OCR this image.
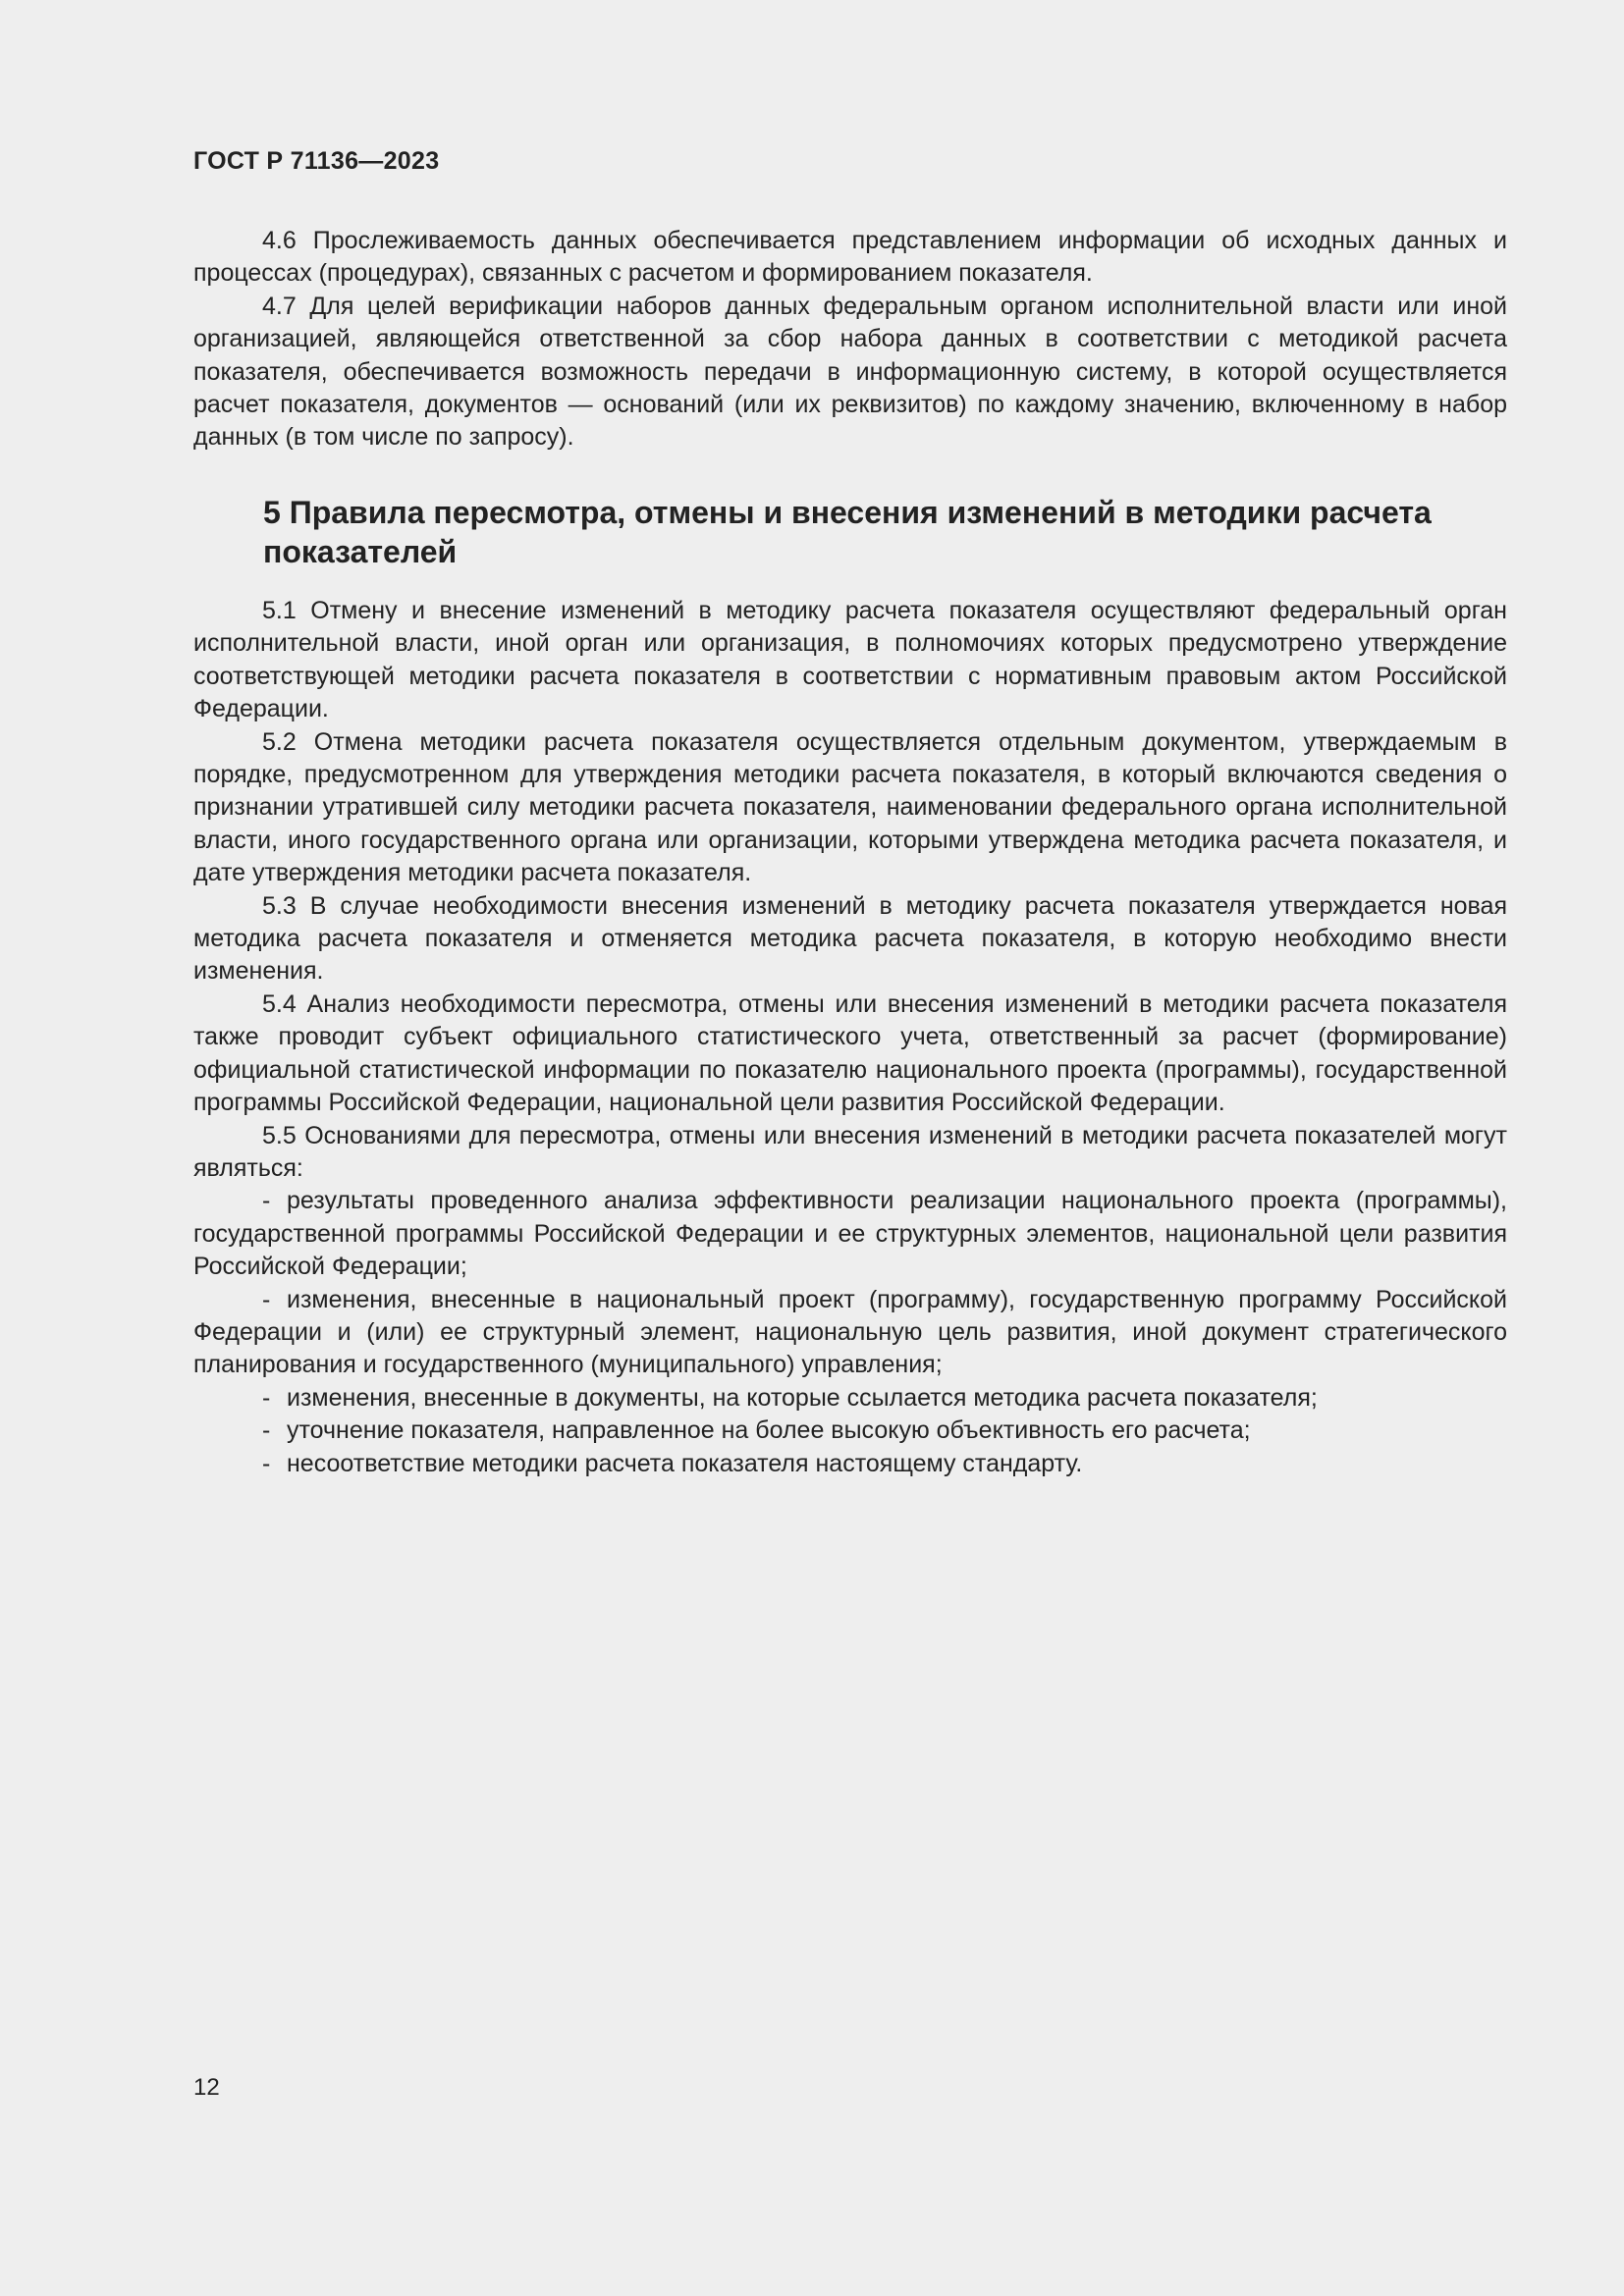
ГОСТ Р 71136—2023

4.6 Прослеживаемость данных обеспечивается представлением информации об исходных данных и процессах (процедурах), связанных с расчетом и формированием показателя.

4.7 Для целей верификации наборов данных федеральным органом исполнительной власти или иной организацией, являющейся ответственной за сбор набора данных в соответствии с методикой расчета показателя, обеспечивается возможность передачи в информационную систему, в которой осуществляется расчет показателя, документов — оснований (или их реквизитов) по каждому значению, включенному в набор данных (в том числе по запросу).

5 Правила пересмотра, отмены и внесения изменений в методики расчета показателей

5.1 Отмену и внесение изменений в методику расчета показателя осуществляют федеральный орган исполнительной власти, иной орган или организация, в полномочиях которых предусмотрено утверждение соответствующей методики расчета показателя в соответствии с нормативным правовым актом Российской Федерации.

5.2 Отмена методики расчета показателя осуществляется отдельным документом, утверждаемым в порядке, предусмотренном для утверждения методики расчета показателя, в который включаются сведения о признании утратившей силу методики расчета показателя, наименовании федерального органа исполнительной власти, иного государственного органа или организации, которыми утверждена методика расчета показателя, и дате утверждения методики расчета показателя.

5.3 В случае необходимости внесения изменений в методику расчета показателя утверждается новая методика расчета показателя и отменяется методика расчета показателя, в которую необходимо внести изменения.

5.4 Анализ необходимости пересмотра, отмены или внесения изменений в методики расчета показателя также проводит субъект официального статистического учета, ответственный за расчет (формирование) официальной статистической информации по показателю национального проекта (программы), государственной программы Российской Федерации, национальной цели развития Российской Федерации.

5.5 Основаниями для пересмотра, отмены или внесения изменений в методики расчета показателей могут являться:

- результаты проведенного анализа эффективности реализации национального проекта (программы), государственной программы Российской Федерации и ее структурных элементов, национальной цели развития Российской Федерации;

- изменения, внесенные в национальный проект (программу), государственную программу Российской Федерации и (или) ее структурный элемент, национальную цель развития, иной документ стратегического планирования и государственного (муниципального) управления;

- изменения, внесенные в документы, на которые ссылается методика расчета показателя;

- уточнение показателя, направленное на более высокую объективность его расчета;

- несоответствие методики расчета показателя настоящему стандарту.

12
